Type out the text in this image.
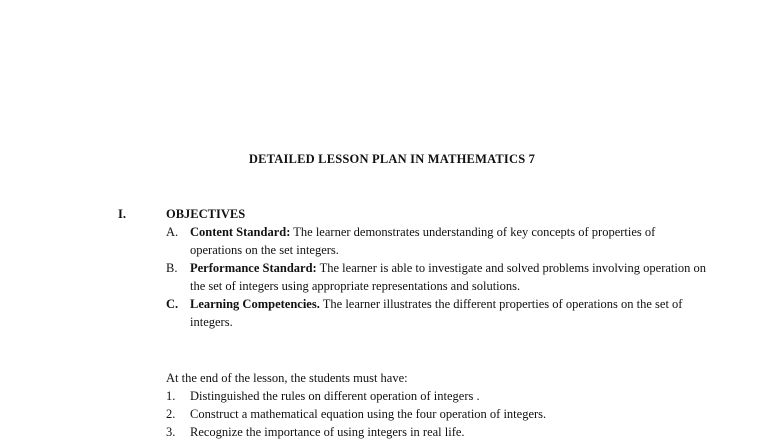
DETAILED LESSON PLAN IN MATHEMATICS 7
I.	OBJECTIVES
A. Content Standard: The learner demonstrates understanding of key concepts of properties of operations on the set integers.
B. Performance Standard: The learner is able to investigate and solved problems involving operation on the set of integers using appropriate representations and solutions.
C. Learning Competencies. The learner illustrates the different properties of operations on the set of integers.
At the end of the lesson, the students must have:
1. Distinguished the rules on different operation of integers .
2. Construct a mathematical equation using the four operation of integers.
3. Recognize the importance of using integers in real life.
